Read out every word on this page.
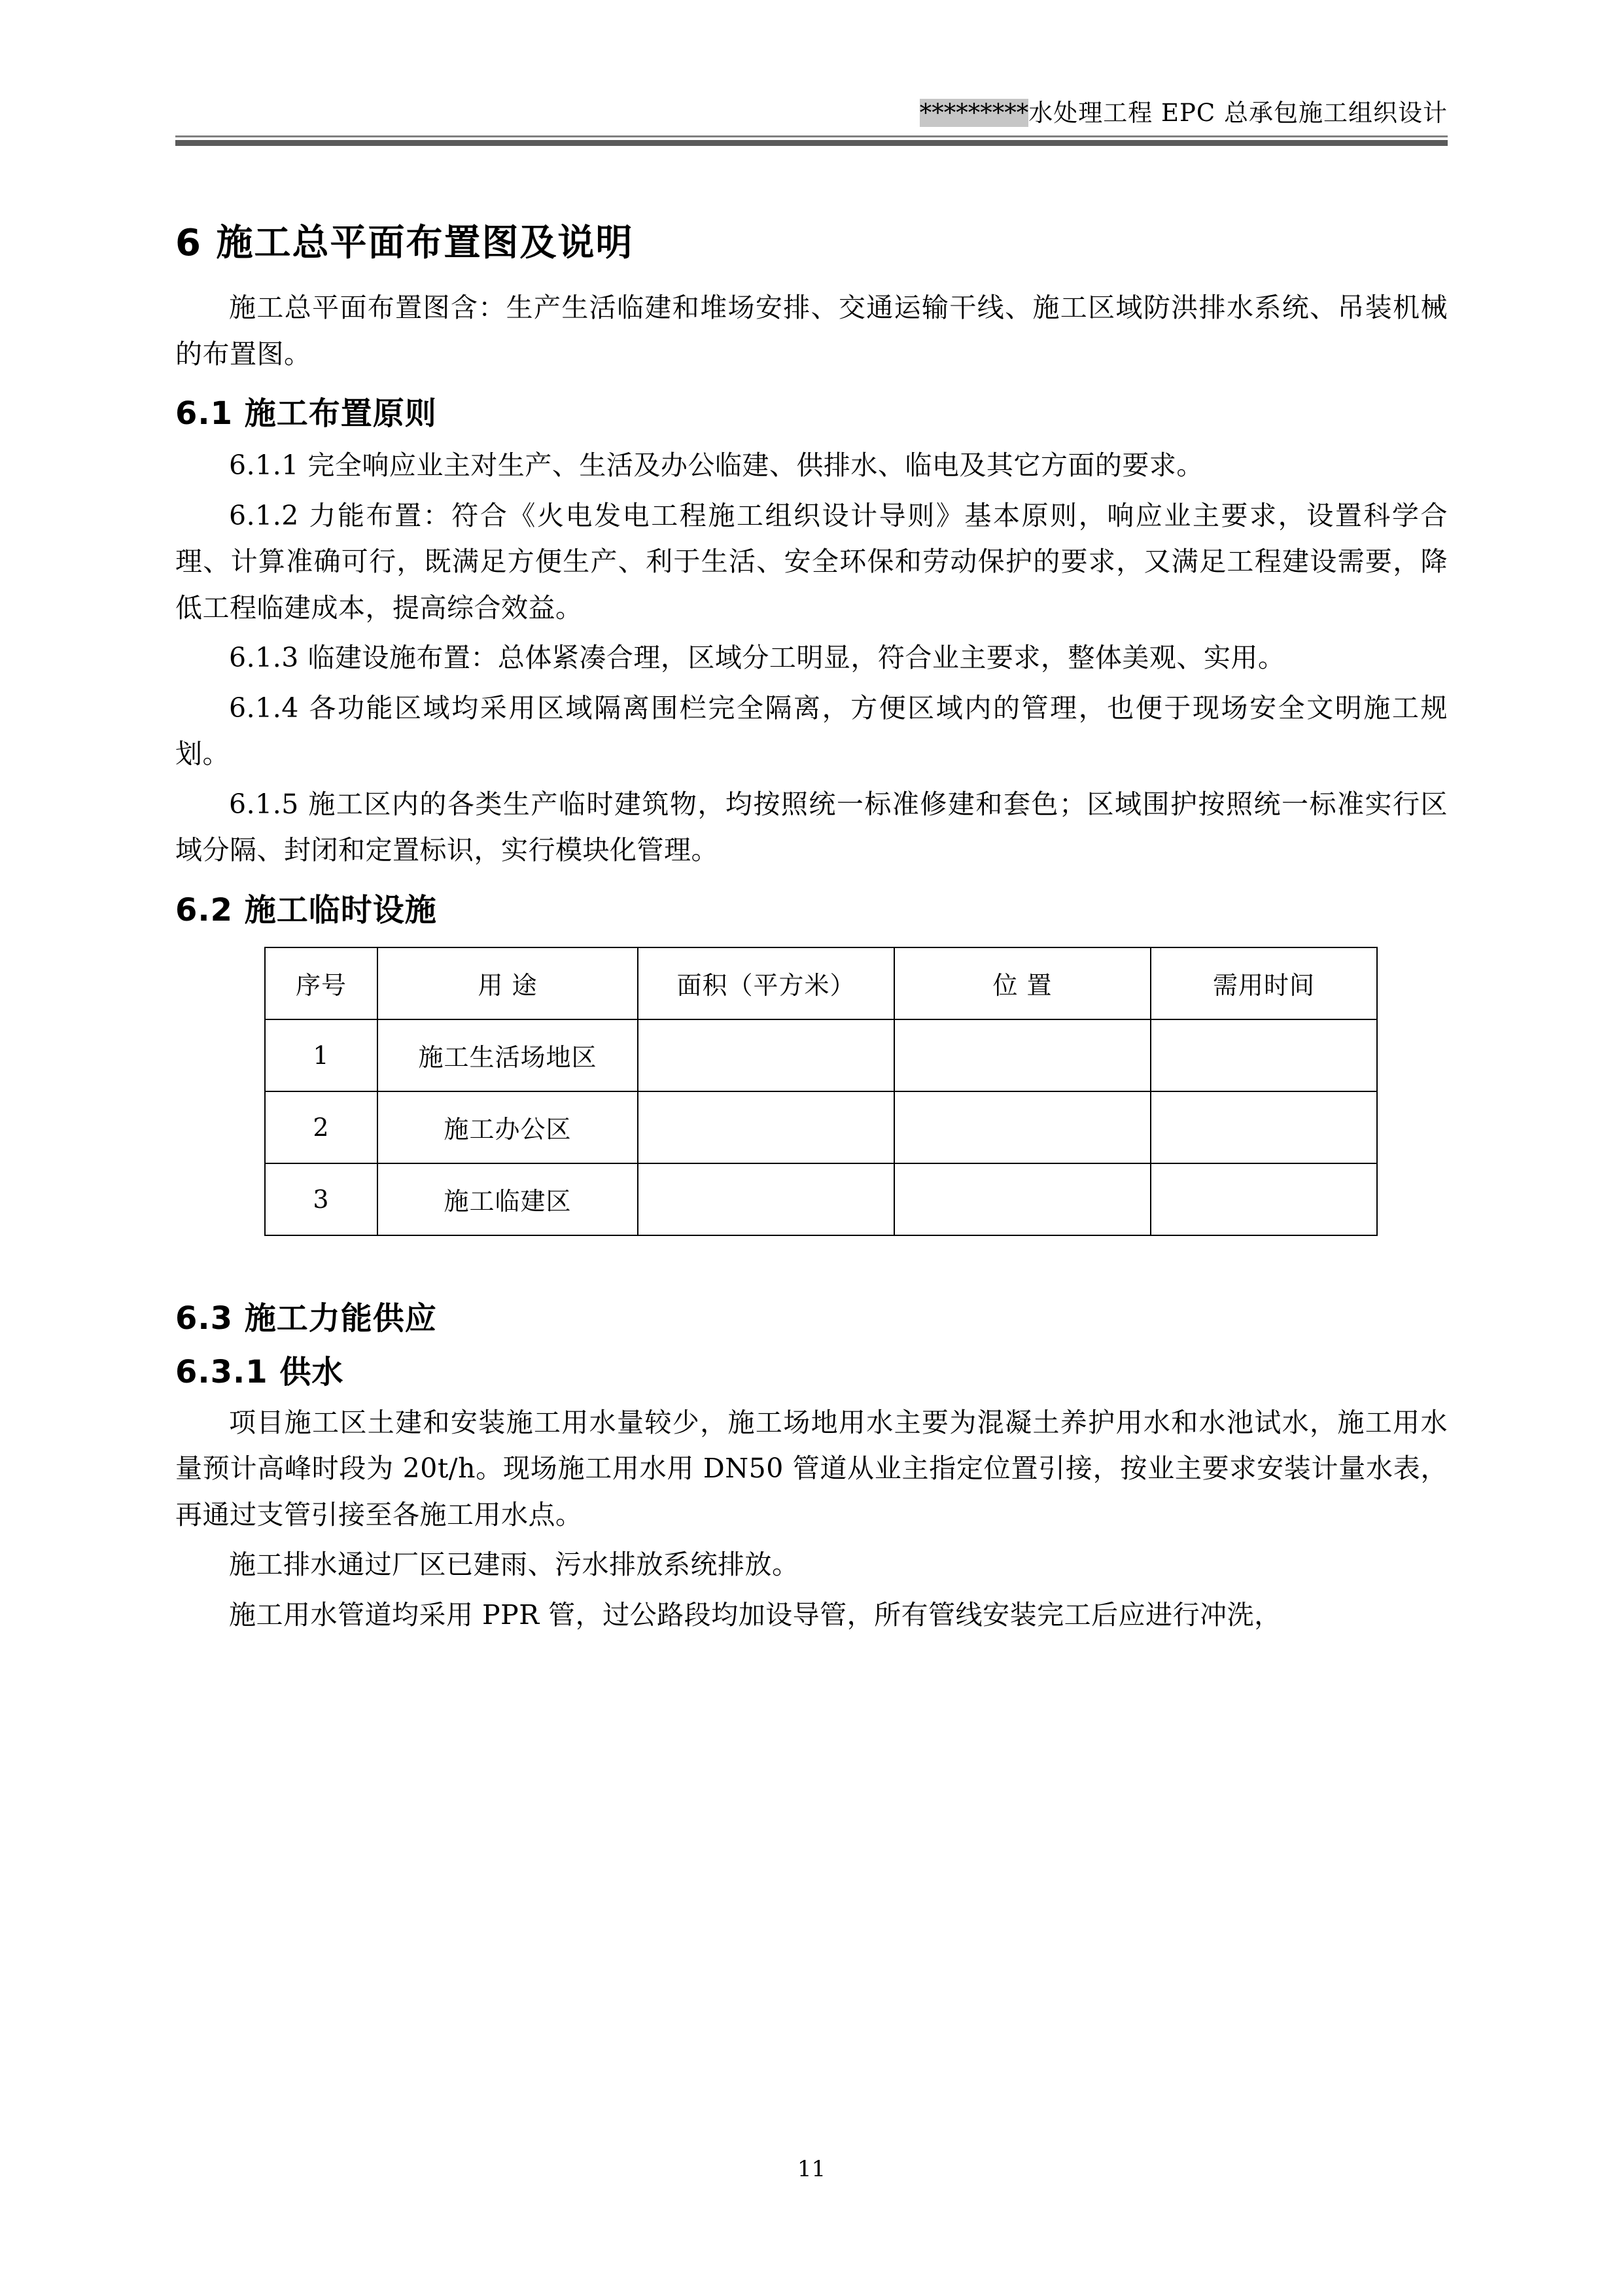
*********水处理工程 EPC 总承包施工组织设计
6 施工总平面布置图及说明

施工总平面布置图含：生产生活临建和堆场安排、交通运输干线、施工区域防洪排水系统、吊装机械的布置图。

6.1 施工布置原则

6.1.1 完全响应业主对生产、生活及办公临建、供排水、临电及其它方面的要求。

6.1.2 力能布置：符合《火电发电工程施工组织设计导则》基本原则，响应业主要求，设置科学合理、计算准确可行，既满足方便生产、利于生活、安全环保和劳动保护的要求，又满足工程建设需要，降低工程临建成本，提高综合效益。

6.1.3 临建设施布置：总体紧凑合理，区域分工明显，符合业主要求，整体美观、实用。

6.1.4 各功能区域均采用区域隔离围栏完全隔离，方便区域内的管理，也便于现场安全文明施工规划。

6.1.5 施工区内的各类生产临时建筑物，均按照统一标准修建和套色；区域围护按照统一标准实行区域分隔、封闭和定置标识，实行模块化管理。

6.2 施工临时设施
序号	用 途	面积（平方米）	位 置	需用时间
1	施工生活场地区			
2	施工办公区			
3	施工临建区			
6.3 施工力能供应
6.3.1 供水

项目施工区土建和安装施工用水量较少，施工场地用水主要为混凝土养护用水和水池试水，施工用水量预计高峰时段为 20t/h。现场施工用水用 DN50 管道从业主指定位置引接，按业主要求安装计量水表，再通过支管引接至各施工用水点。

施工排水通过厂区已建雨、污水排放系统排放。

施工用水管道均采用 PPR 管，过公路段均加设导管，所有管线安装完工后应进行冲洗，

11
